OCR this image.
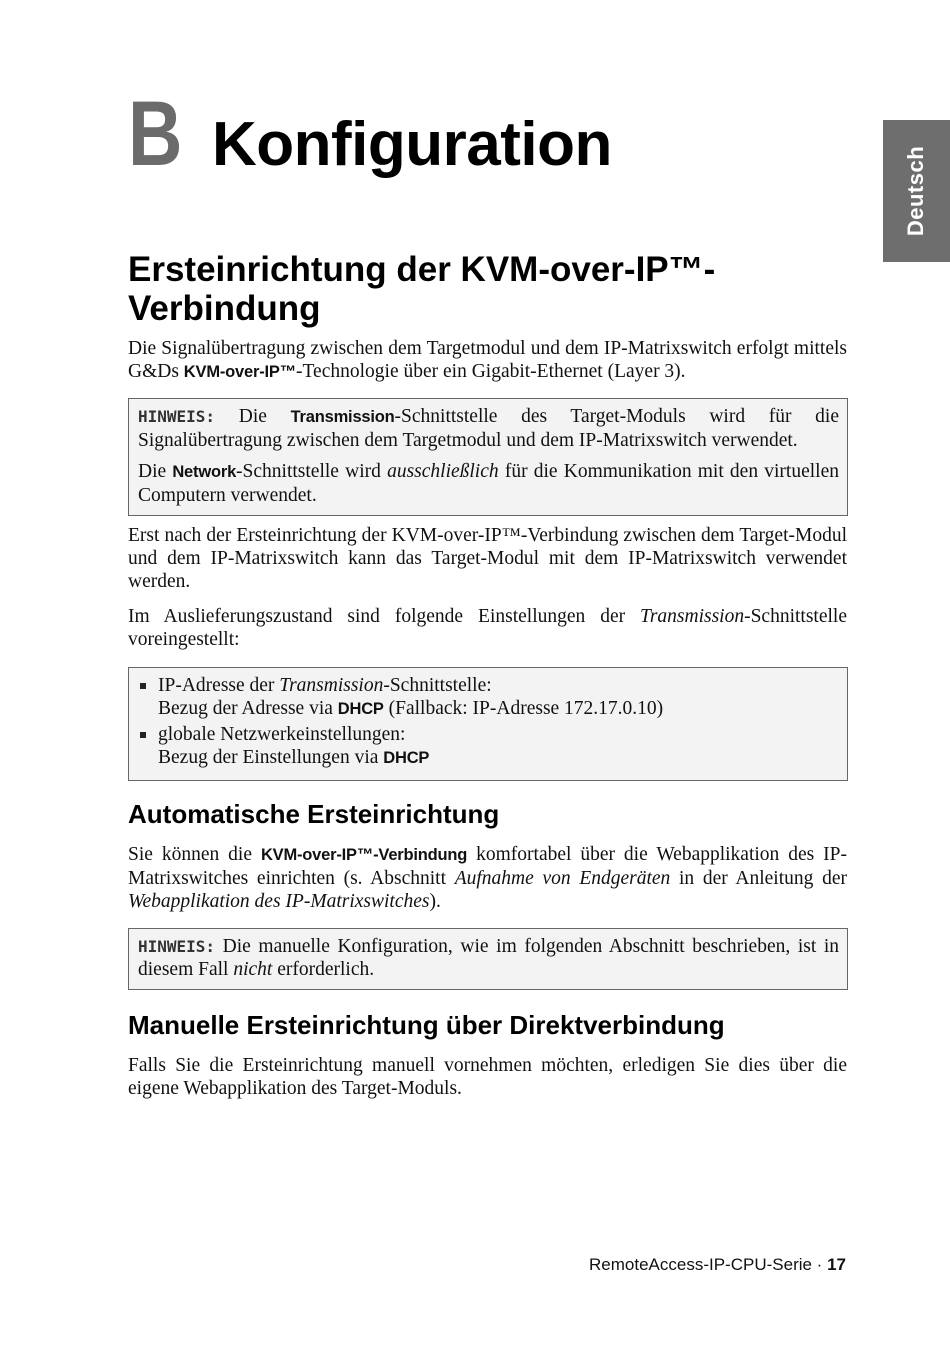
Deutsch
B Konfiguration
Ersteinrichtung der KVM-over-IP™-
Verbindung

Die Signalübertragung zwischen dem Targetmodul und dem IP-Matrixswitch erfolgt mittels G&Ds KVM-over-IP™-Technologie über ein Gigabit-Ethernet (Layer 3).

HINWEIS: Die Transmission-Schnittstelle des Target-Moduls wird für die Signalübertragung zwischen dem Targetmodul und dem IP-Matrixswitch verwendet.

Die Network-Schnittstelle wird ausschließlich für die Kommunikation mit den virtuellen Computern verwendet.

Erst nach der Ersteinrichtung der KVM-over-IP™-Verbindung zwischen dem Target-Modul und dem IP-Matrixswitch kann das Target-Modul mit dem IP-Matrixswitch verwendet werden.

Im Auslieferungszustand sind folgende Einstellungen der Transmission-Schnittstelle voreingestellt:

IP-Adresse der Transmission-Schnittstelle:
Bezug der Adresse via DHCP (Fallback: IP-Adresse 172.17.0.10)
globale Netzwerkeinstellungen:
Bezug der Einstellungen via DHCP
Automatische Ersteinrichtung

Sie können die KVM-over-IP™-Verbindung komfortabel über die Webapplikation des IP-Matrixswitches einrichten (s. Abschnitt Aufnahme von Endgeräten in der Anleitung der Webapplikation des IP-Matrixswitches).

HINWEIS: Die manuelle Konfiguration, wie im folgenden Abschnitt beschrieben, ist in diesem Fall nicht erforderlich.

Manuelle Ersteinrichtung über Direktverbindung

Falls Sie die Ersteinrichtung manuell vornehmen möchten, erledigen Sie dies über die eigene Webapplikation des Target-Moduls.

RemoteAccess-IP-CPU-Serie · 17
